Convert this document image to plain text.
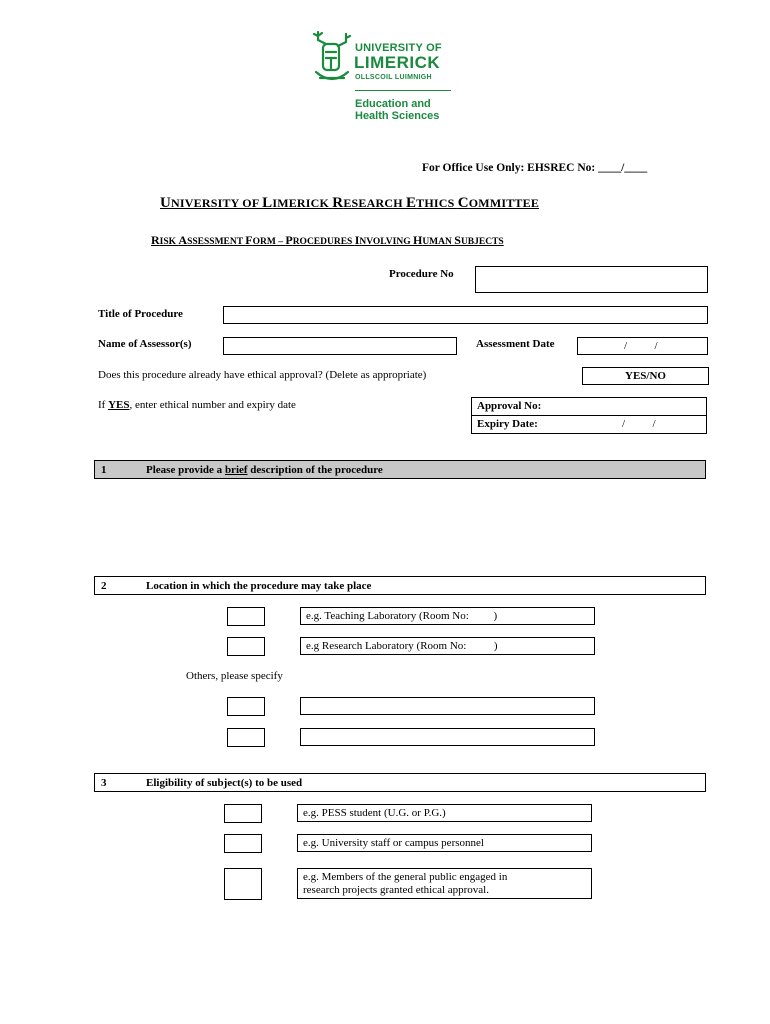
UNIVERSITY OF
LIMERICK
OLLSCOIL LUIMNIGH
Education and
Health Sciences
For Office Use Only: EHSREC No: ____/____
UNIVERSITY OF LIMERICK RESEARCH ETHICS COMMITTEE
RISK ASSESSMENT FORM – PROCEDURES INVOLVING HUMAN SUBJECTS
Procedure No
Title of Procedure
Name of Assessor(s)	Assessment Date	/          /
Does this procedure already have ethical approval? (Delete as appropriate)	YES/NO
If YES, enter ethical number and expiry date	Approval No:
Expiry Date:	/          /
1	Please provide a brief description of the procedure
2	Location in which the procedure may take place
e.g. Teaching Laboratory (Room No:         )
e.g Research Laboratory (Room No:          )
Others, please specify
3	Eligibility of subject(s) to be used
e.g. PESS student (U.G. or P.G.)
e.g. University staff or campus personnel
e.g. Members of the general public engaged in
research projects granted ethical approval.
